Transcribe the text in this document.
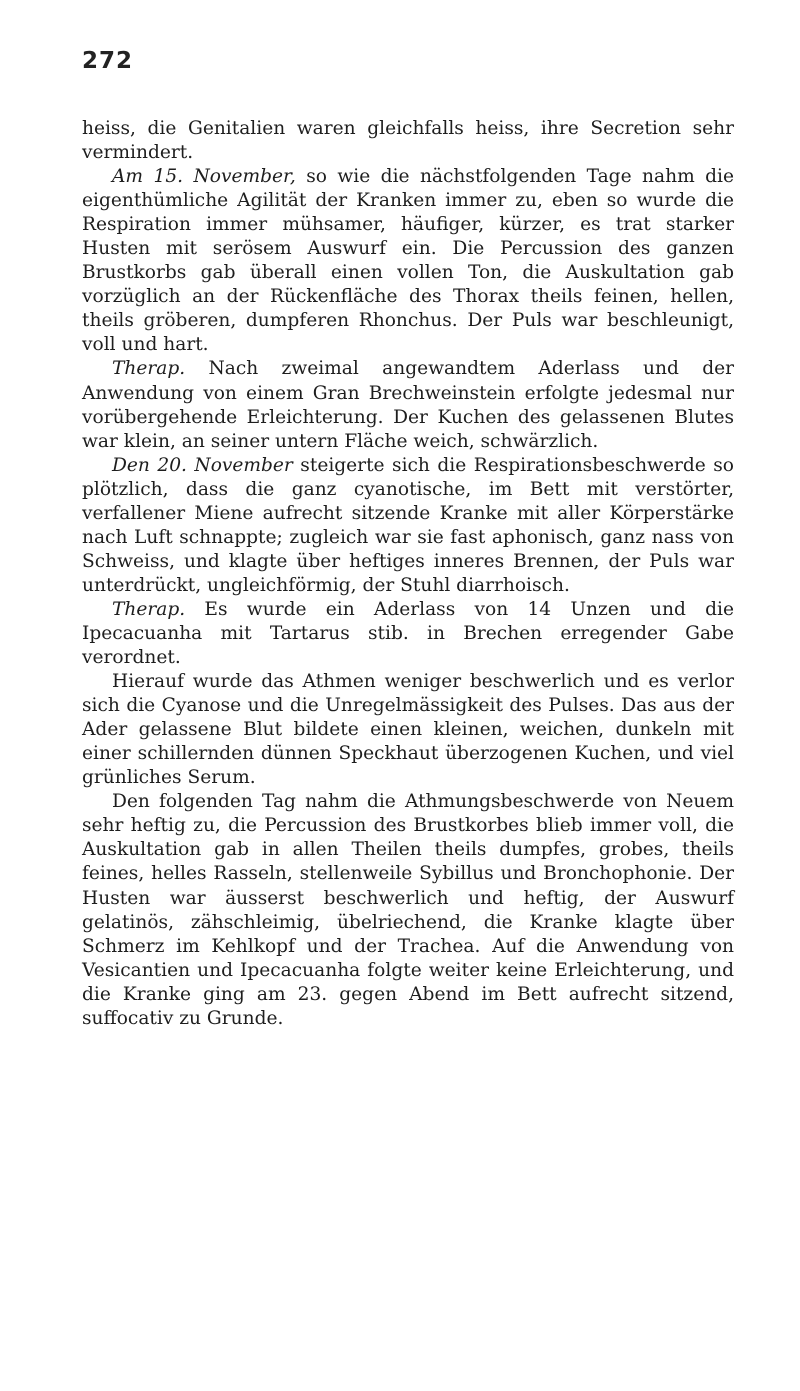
272

heiss, die Genitalien waren gleichfalls heiss, ihre Secretion sehr vermindert.

Am 15. November, so wie die nächstfolgenden Tage nahm die eigenthümliche Agilität der Kranken immer zu, eben so wurde die Respiration immer mühsamer, häufiger, kürzer, es trat starker Husten mit serösem Auswurf ein. Die Percussion des ganzen Brustkorbs gab überall einen vollen Ton, die Auskultation gab vorzüglich an der Rückenfläche des Thorax theils feinen, hellen, theils gröberen, dumpferen Rhonchus. Der Puls war beschleunigt, voll und hart.

Therap. Nach zweimal angewandtem Aderlass und der Anwendung von einem Gran Brechweinstein erfolgte jedesmal nur vorübergehende Erleichterung. Der Kuchen des gelassenen Blutes war klein, an seiner untern Fläche weich, schwärzlich.

Den 20. November steigerte sich die Respirationsbeschwerde so plötzlich, dass die ganz cyanotische, im Bett mit verstörter, verfallener Miene aufrecht sitzende Kranke mit aller Körperstärke nach Luft schnappte; zugleich war sie fast aphonisch, ganz nass von Schweiss, und klagte über heftiges inneres Brennen, der Puls war unterdrückt, ungleichförmig, der Stuhl diarrhoisch.

Therap. Es wurde ein Aderlass von 14 Unzen und die Ipecacuanha mit Tartarus stib. in Brechen erregender Gabe verordnet.

Hierauf wurde das Athmen weniger beschwerlich und es verlor sich die Cyanose und die Unregelmässigkeit des Pulses. Das aus der Ader gelassene Blut bildete einen kleinen, weichen, dunkeln mit einer schillernden dünnen Speckhaut überzogenen Kuchen, und viel grünliches Serum.

Den folgenden Tag nahm die Athmungsbeschwerde von Neuem sehr heftig zu, die Percussion des Brustkorbes blieb immer voll, die Auskultation gab in allen Theilen theils dumpfes, grobes, theils feines, helles Rasseln, stellenweile Sybillus und Bronchophonie. Der Husten war äusserst beschwerlich und heftig, der Auswurf gelatinös, zähschleimig, übelriechend, die Kranke klagte über Schmerz im Kehlkopf und der Trachea. Auf die Anwendung von Vesicantien und Ipecacuanha folgte weiter keine Erleichterung, und die Kranke ging am 23. gegen Abend im Bett aufrecht sitzend, suffocativ zu Grunde.
